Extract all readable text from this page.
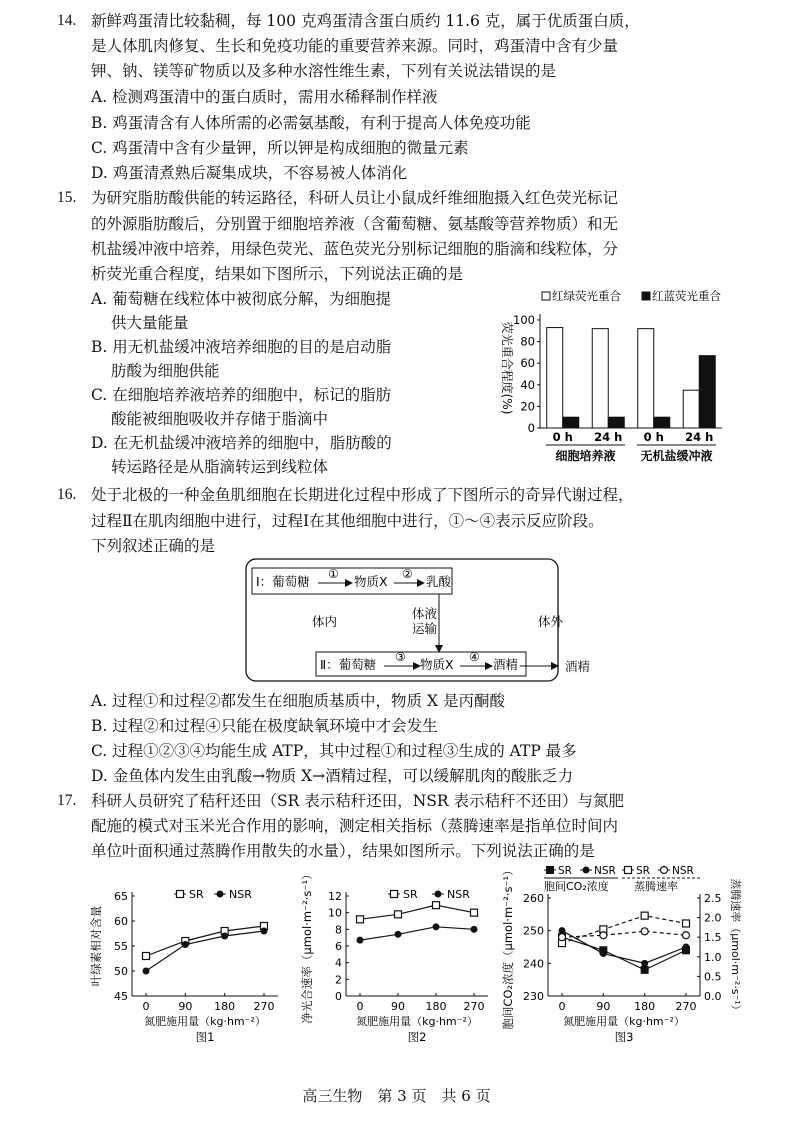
14. 新鲜鸡蛋清比较黏稠，每 100 克鸡蛋清含蛋白质约 11.6 克，属于优质蛋白质，
是人体肌肉修复、生长和免疫功能的重要营养来源。同时，鸡蛋清中含有少量
钾、钠、镁等矿物质以及多种水溶性维生素，下列有关说法错误的是
A. 检测鸡蛋清中的蛋白质时，需用水稀释制作样液
B. 鸡蛋清含有人体所需的必需氨基酸，有利于提高人体免疫功能
C. 鸡蛋清中含有少量钾，所以钾是构成细胞的微量元素
D. 鸡蛋清煮熟后凝集成块，不容易被人体消化
15. 为研究脂肪酸供能的转运路径，科研人员让小鼠成纤维细胞摄入红色荧光标记
的外源脂肪酸后，分别置于细胞培养液（含葡萄糖、氨基酸等营养物质）和无
机盐缓冲液中培养，用绿色荧光、蓝色荧光分别标记细胞的脂滴和线粒体，分
析荧光重合程度，结果如下图所示，下列说法正确的是
A. 葡萄糖在线粒体中被彻底分解，为细胞提
供大量能量
B. 用无机盐缓冲液培养细胞的目的是启动脂
肪酸为细胞供能
C. 在细胞培养液培养的细胞中，标记的脂肪
酸能被细胞吸收并存储于脂滴中
D. 在无机盐缓冲液培养的细胞中，脂肪酸的
转运路径是从脂滴转运到线粒体
荧光重合程度(%)
红绿荧光重合	红蓝荧光重合
0
20
40
60
80
100
0 h 24 h 0 h 24 h
细胞培养液 无机盐缓冲液
16. 处于北极的一种金鱼肌细胞在长期进化过程中形成了下图所示的奇异代谢过程，
过程Ⅱ在肌肉细胞中进行，过程Ⅰ在其他细胞中进行，①～④表示反应阶段。
下列叙述正确的是
Ⅰ：葡萄糖 ① 物质X ② 乳酸
体内
体液
运输	体外
Ⅱ：葡萄糖 ③ 物质X ④ 酒精	酒精
A. 过程①和过程②都发生在细胞质基质中，物质 X 是丙酮酸
B. 过程②和过程④只能在极度缺氧环境中才会发生
C. 过程①②③④均能生成 ATP，其中过程①和过程③生成的 ATP 最多
D. 金鱼体内发生由乳酸→物质 X→酒精过程，可以缓解肌肉的酸胀乏力
17. 科研人员研究了秸秆还田（SR 表示秸秆还田，NSR 表示秸秆不还田）与氮肥
配施的模式对玉米光合作用的影响，测定相关指标（蒸腾速率是指单位时间内
单位叶面积通过蒸腾作用散失的水量），结果如图所示。下列说法正确的是
45
50
55
60
65
0	90 180 270
氮肥施用量（kg·hm⁻²）
图1
叶绿素相对含量
SR NSR
0
2
4
6
8
10
12
0	90 180 270
氮肥施用量（kg·hm⁻²）
图2
净光合速率（μmol·m⁻²·s⁻¹）	SR	NSR
230
240
250
260
0.0
0.5
1.0
1.5
2.0
2.5 蒸腾速率（μmol·m⁻²·s⁻¹）
0	90 180 270
氮肥施用量（kg·hm⁻²）
图3
胞间CO₂浓度（μmol·m⁻²·s⁻¹）	SR NSR SR NSR
胞间CO₂浓度 蒸腾速率
高三生物　第 3 页　共 6 页
